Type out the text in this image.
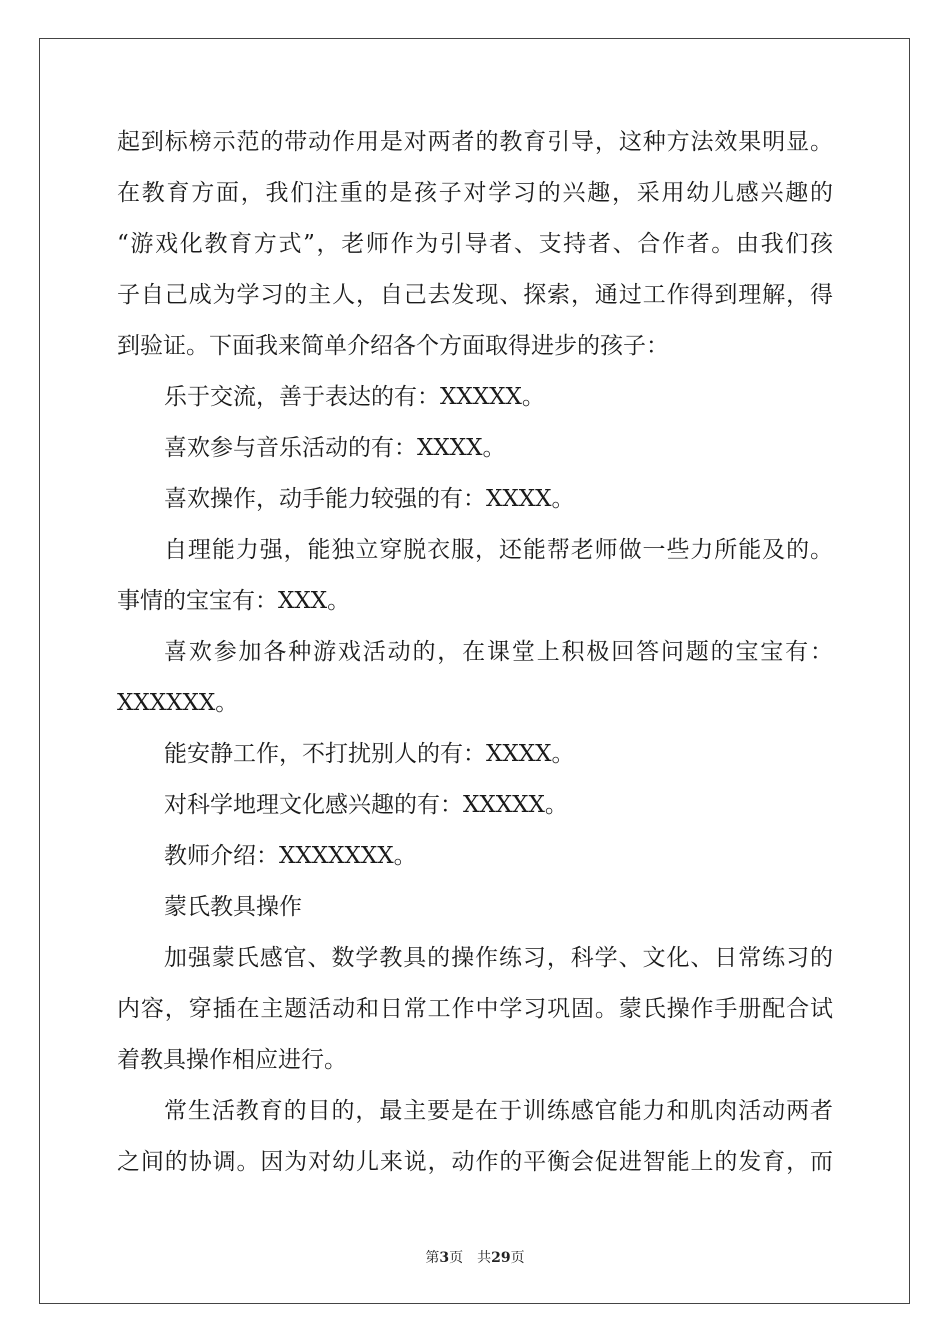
起到标榜示范的带动作用是对两者的教育引导，这种方法效果明显。
在教育方面，我们注重的是孩子对学习的兴趣，采用幼儿感兴趣的
“游戏化教育方式”，老师作为引导者、支持者、合作者。由我们孩
子自己成为学习的主人，自己去发现、探索，通过工作得到理解，得
到验证。下面我来简单介绍各个方面取得进步的孩子：
乐于交流，善于表达的有：XXXXX。
喜欢参与音乐活动的有：XXXX。
喜欢操作，动手能力较强的有：XXXX。
自理能力强，能独立穿脱衣服，还能帮老师做一些力所能及的。
事情的宝宝有：XXX。
喜欢参加各种游戏活动的，在课堂上积极回答问题的宝宝有：
XXXXXX。
能安静工作，不打扰别人的有：XXXX。
对科学地理文化感兴趣的有：XXXXX。
教师介绍：XXXXXXX。
蒙氏教具操作
加强蒙氏感官、数学教具的操作练习，科学、文化、日常练习的
内容，穿插在主题活动和日常工作中学习巩固。蒙氏操作手册配合试
着教具操作相应进行。
常生活教育的目的，最主要是在于训练感官能力和肌肉活动两者
之间的协调。因为对幼儿来说，动作的平衡会促进智能上的发育，而
第3页 共29页
